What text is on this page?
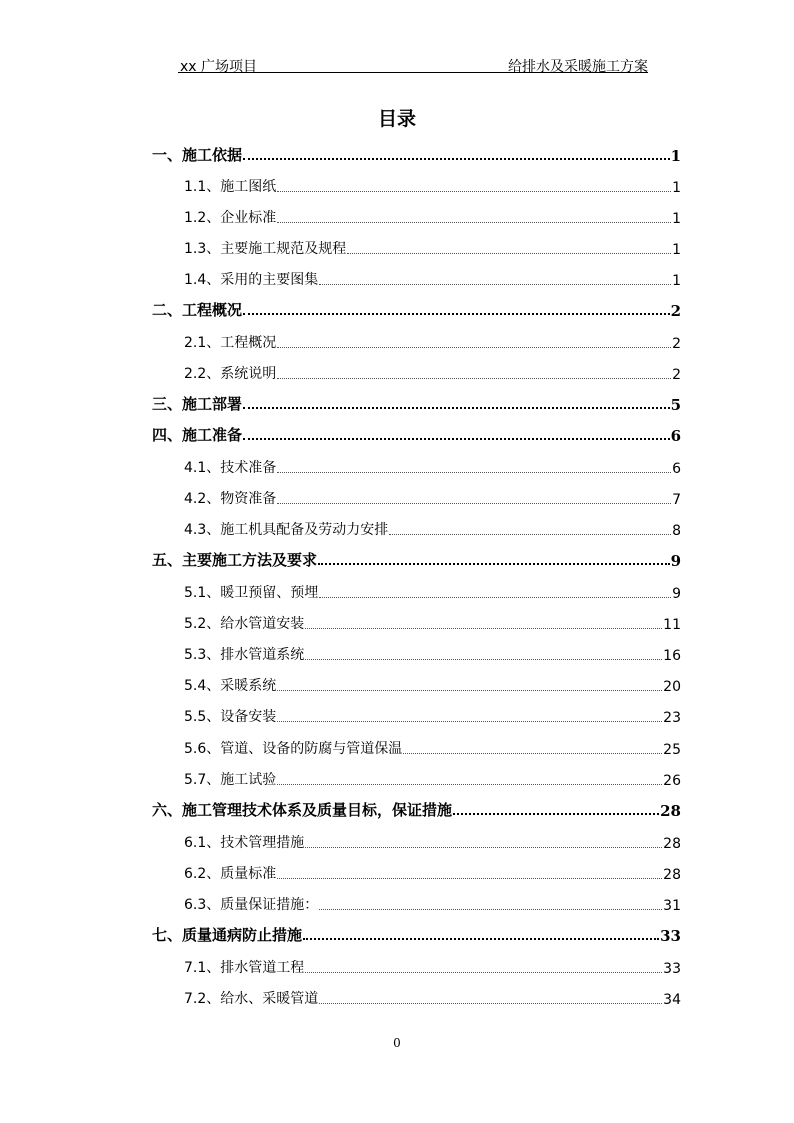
xx 广场项目	给排水及采暖施工方案
目录
一、施工依据	1
1.1、施工图纸	1
1.2、企业标准	1
1.3、主要施工规范及规程	1
1.4、采用的主要图集	1
二、工程概况	2
2.1、工程概况	2
2.2、系统说明	2
三、施工部署	5
四、施工准备	6
4.1、技术准备	6
4.2、物资准备	7
4.3、施工机具配备及劳动力安排	8
五、主要施工方法及要求	9
5.1、暖卫预留、预埋	9
5.2、给水管道安装	11
5.3、排水管道系统	16
5.4、采暖系统	20
5.5、设备安装	23
5.6、管道、设备的防腐与管道保温	25
5.7、施工试验	26
六、施工管理技术体系及质量目标，保证措施	28
6.1、技术管理措施	28
6.2、质量标准	28
6.3、质量保证措施：	31
七、质量通病防止措施	33
7.1、排水管道工程	33
7.2、给水、采暖管道	34
0
